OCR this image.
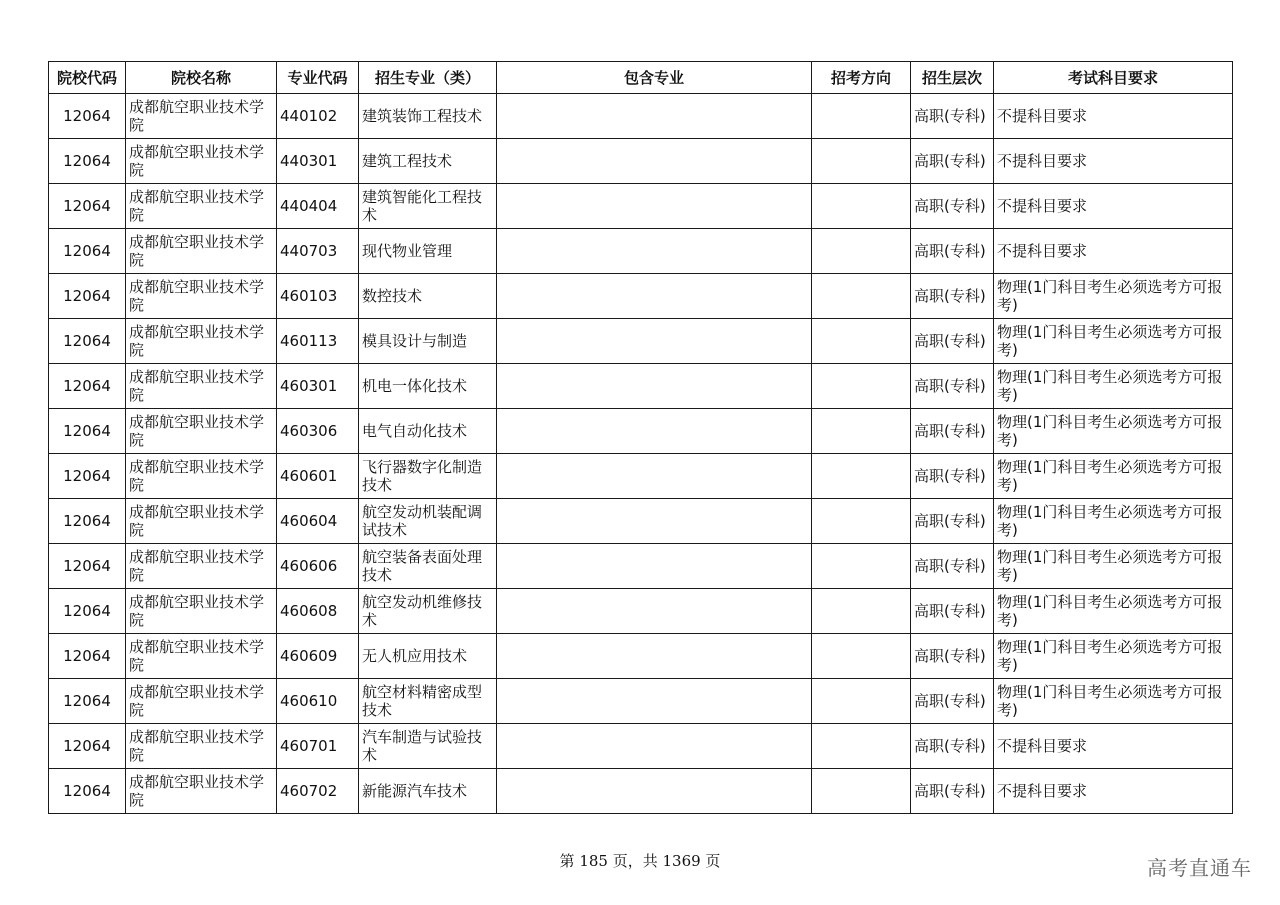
院校代码	院校名称	专业代码	招生专业（类）	包含专业	招考方向	招生层次	考试科目要求
12064	成都航空职业技术学院	440102	建筑装饰工程技术			高职(专科)	不提科目要求
12064	成都航空职业技术学院	440301	建筑工程技术			高职(专科)	不提科目要求
12064	成都航空职业技术学院	440404	建筑智能化工程技术			高职(专科)	不提科目要求
12064	成都航空职业技术学院	440703	现代物业管理			高职(专科)	不提科目要求
12064	成都航空职业技术学院	460103	数控技术			高职(专科)	物理(1门科目考生必须选考方可报考)
12064	成都航空职业技术学院	460113	模具设计与制造			高职(专科)	物理(1门科目考生必须选考方可报考)
12064	成都航空职业技术学院	460301	机电一体化技术			高职(专科)	物理(1门科目考生必须选考方可报考)
12064	成都航空职业技术学院	460306	电气自动化技术			高职(专科)	物理(1门科目考生必须选考方可报考)
12064	成都航空职业技术学院	460601	飞行器数字化制造技术			高职(专科)	物理(1门科目考生必须选考方可报考)
12064	成都航空职业技术学院	460604	航空发动机装配调试技术			高职(专科)	物理(1门科目考生必须选考方可报考)
12064	成都航空职业技术学院	460606	航空装备表面处理技术			高职(专科)	物理(1门科目考生必须选考方可报考)
12064	成都航空职业技术学院	460608	航空发动机维修技术			高职(专科)	物理(1门科目考生必须选考方可报考)
12064	成都航空职业技术学院	460609	无人机应用技术			高职(专科)	物理(1门科目考生必须选考方可报考)
12064	成都航空职业技术学院	460610	航空材料精密成型技术			高职(专科)	物理(1门科目考生必须选考方可报考)
12064	成都航空职业技术学院	460701	汽车制造与试验技术			高职(专科)	不提科目要求
12064	成都航空职业技术学院	460702	新能源汽车技术			高职(专科)	不提科目要求
第 185 页，共 1369 页	高考直通车
